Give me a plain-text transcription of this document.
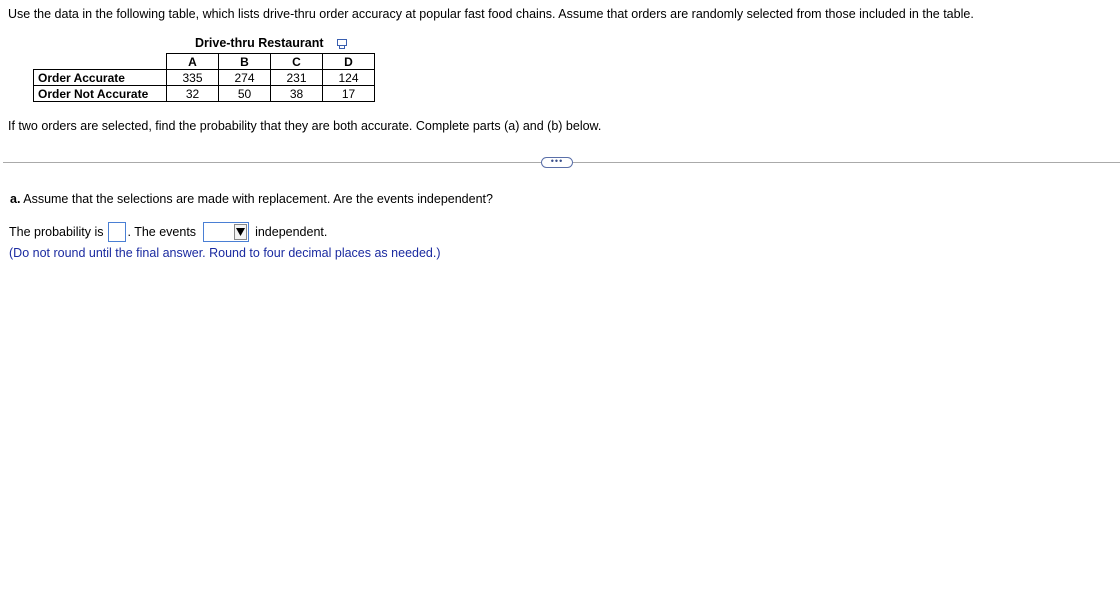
Use the data in the following table, which lists drive-thru order accuracy at popular fast food chains. Assume that orders are randomly selected from those included in the table.
Drive-thru Restaurant
	A	B	C	D
Order Accurate	335	274	231	124
Order Not Accurate	32	50	38	17
If two orders are selected, find the probability that they are both accurate. Complete parts (a) and (b) below.
•••
a. Assume that the selections are made with replacement. Are the events independent?
The probability is . The events	independent.
(Do not round until the final answer. Round to four decimal places as needed.)
